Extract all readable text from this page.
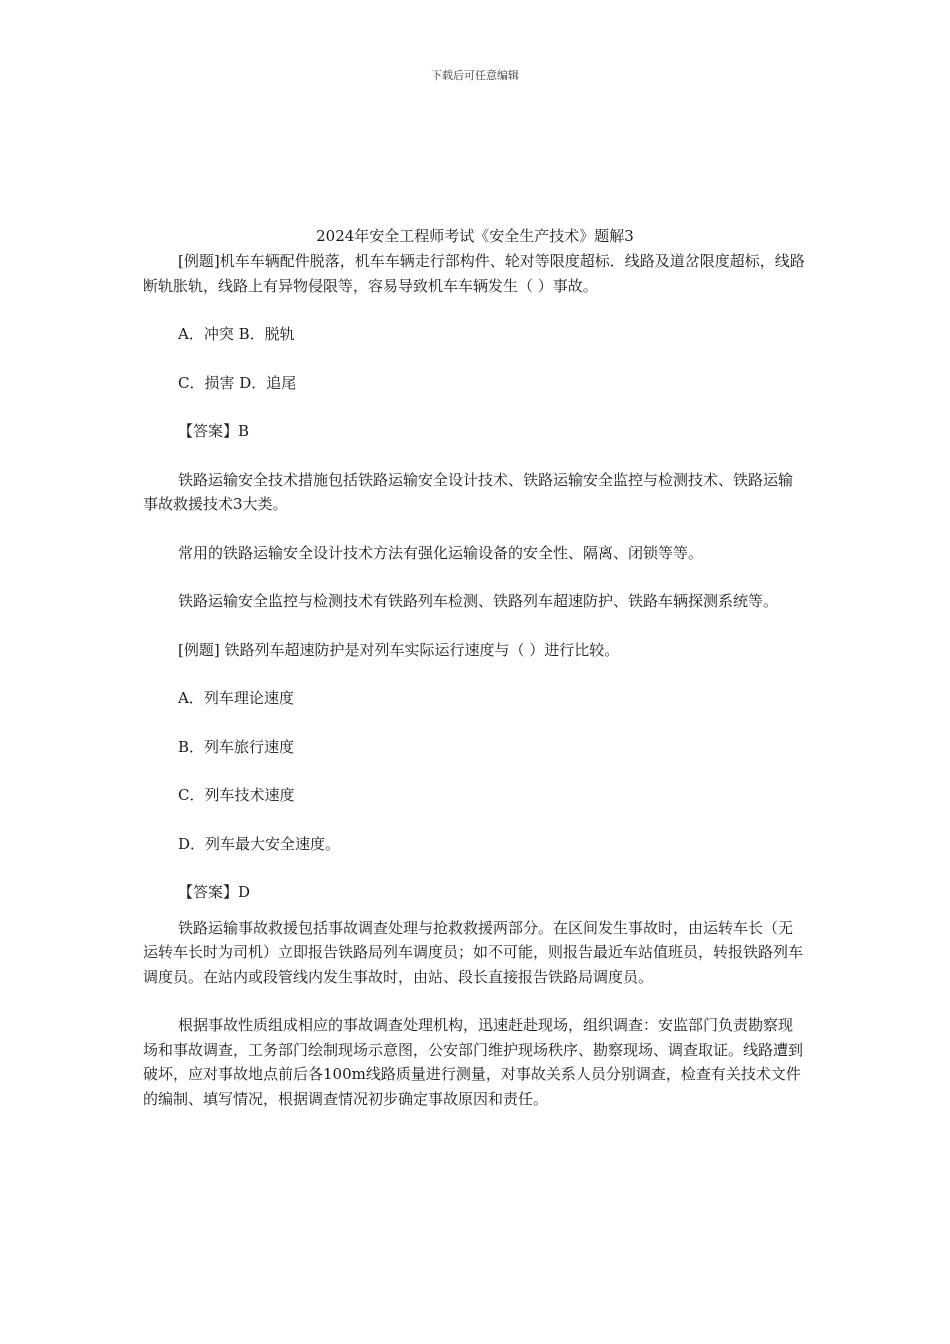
下载后可任意编辑

2024年安全工程师考试《安全生产技术》题解3

[例题]机车车辆配件脱落，机车车辆走行部构件、轮对等限度超标．线路及道岔限度超标，线路断轨胀轨，线路上有异物侵限等，容易导致机车车辆发生（ ）事故。

A．冲突 B．脱轨

C．损害 D．追尾

【答案】B

铁路运输安全技术措施包括铁路运输安全设计技术、铁路运输安全监控与检测技术、铁路运输事故救援技术3大类。

常用的铁路运输安全设计技术方法有强化运输设备的安全性、隔离、闭锁等等。

铁路运输安全监控与检测技术有铁路列车检测、铁路列车超速防护、铁路车辆探测系统等。

[例题] 铁路列车超速防护是对列车实际运行速度与（ ）进行比较。

A．列车理论速度

B．列车旅行速度

C．列车技术速度

D．列车最大安全速度。

【答案】D

铁路运输事故救援包括事故调查处理与抢救救援两部分。在区间发生事故时，由运转车长（无运转车长时为司机）立即报告铁路局列车调度员；如不可能，则报告最近车站值班员，转报铁路列车调度员。在站内或段管线内发生事故时，由站、段长直接报告铁路局调度员。

根据事故性质组成相应的事故调查处理机构，迅速赶赴现场，组织调查：安监部门负责勘察现场和事故调查，工务部门绘制现场示意图，公安部门维护现场秩序、勘察现场、调查取证。线路遭到破坏，应对事故地点前后各100m线路质量进行测量，对事故关系人员分别调查，检查有关技术文件的编制、填写情况，根据调查情况初步确定事故原因和责任。
